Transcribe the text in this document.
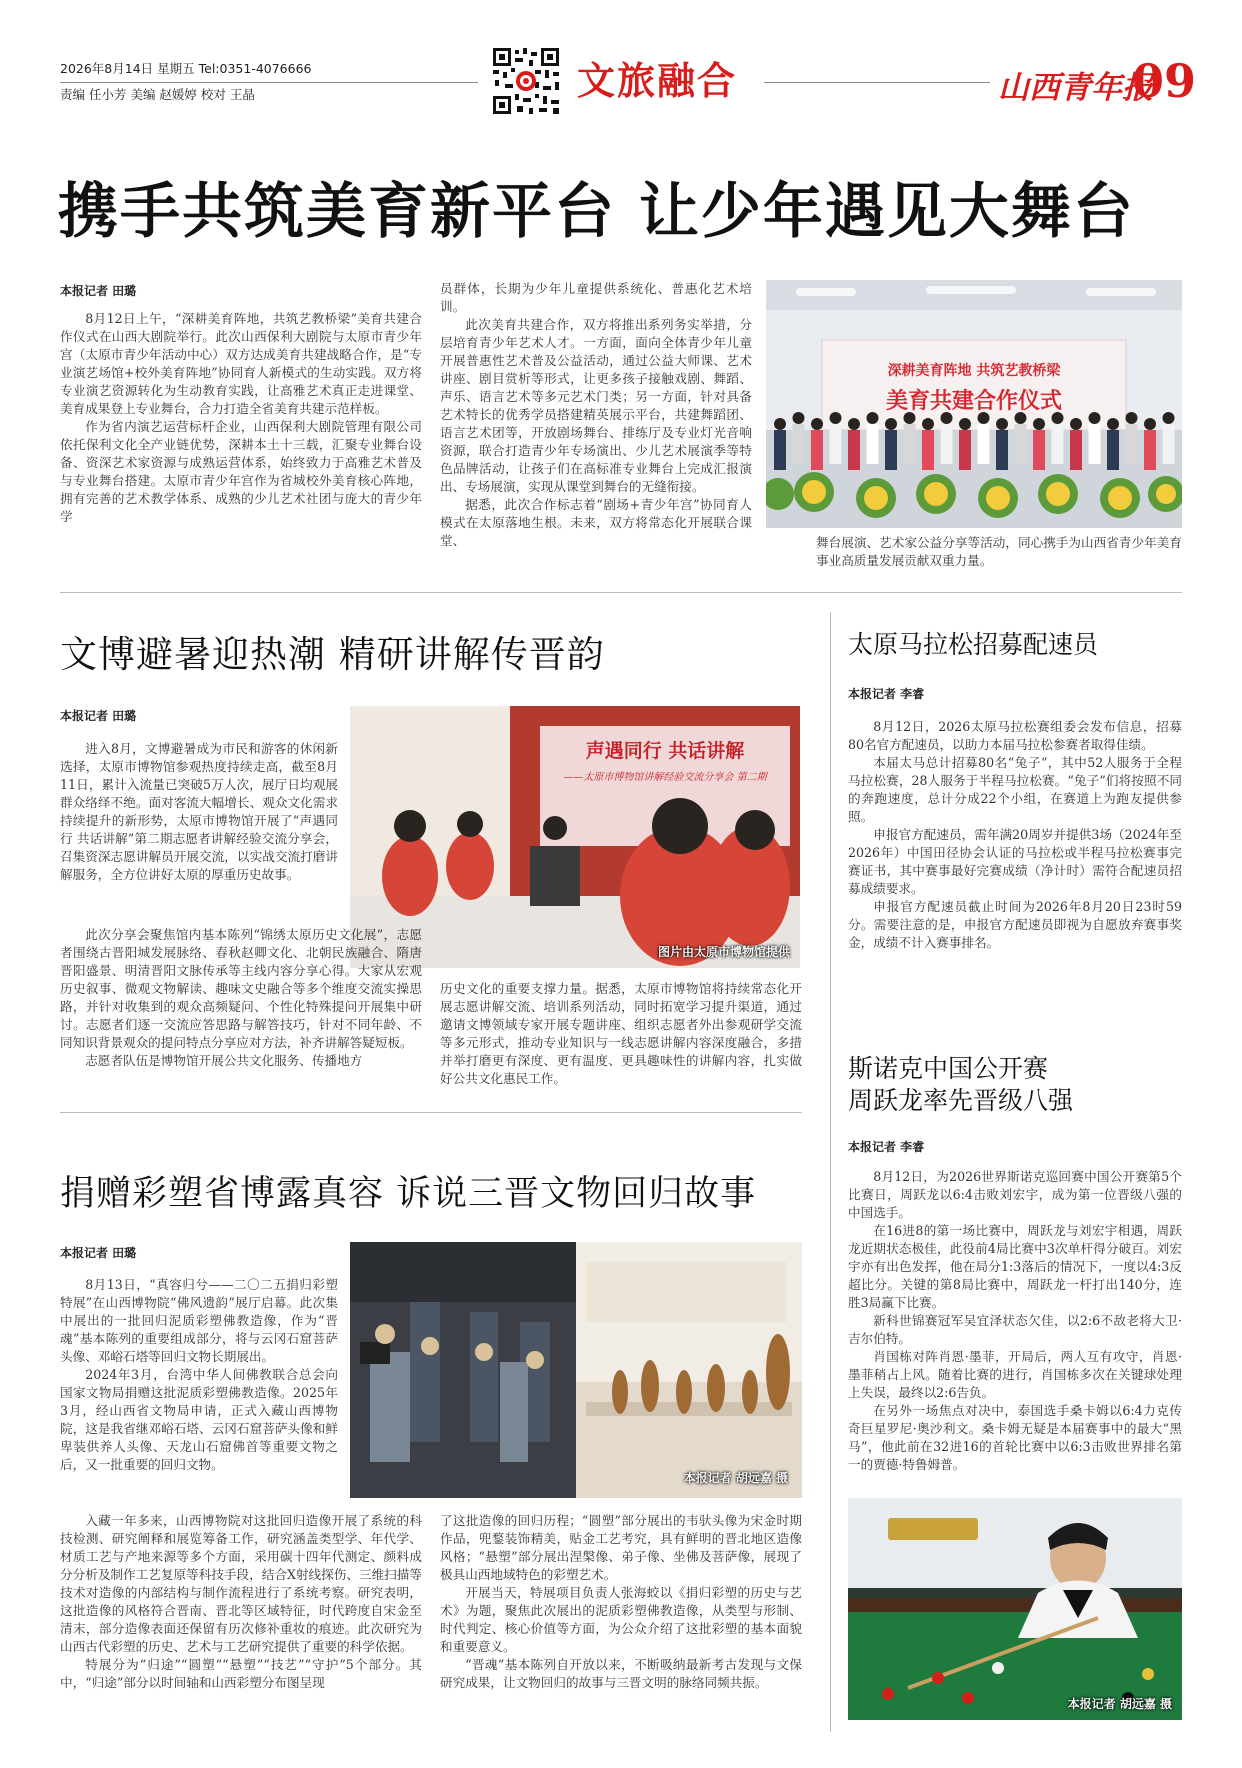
2026年8月14日 星期五 Tel:0351-4076666
责编 任小芳 美编 赵媛婷 校对 王晶	文旅融合	山西青年报
09
携手共筑美育新平台 让少年遇见大舞台
本报记者 田璐

8月12日上午，“深耕美育阵地，共筑艺教桥梁”美育共建合作仪式在山西大剧院举行。此次山西保利大剧院与太原市青少年宫（太原市青少年活动中心）双方达成美育共建战略合作，是“专业演艺场馆+校外美育阵地”协同育人新模式的生动实践。双方将专业演艺资源转化为生动教育实践，让高雅艺术真正走进课堂、美育成果登上专业舞台，合力打造全省美育共建示范样板。

作为省内演艺运营标杆企业，山西保利大剧院管理有限公司依托保利文化全产业链优势，深耕本土十三载，汇聚专业舞台设备、资深艺术家资源与成熟运营体系，始终致力于高雅艺术普及与专业舞台搭建。太原市青少年宫作为省城校外美育核心阵地，拥有完善的艺术教学体系、成熟的少儿艺术社团与庞大的青少年学

员群体，长期为少年儿童提供系统化、普惠化艺术培训。

此次美育共建合作，双方将推出系列务实举措，分层培育青少年艺术人才。一方面，面向全体青少年儿童开展普惠性艺术普及公益活动，通过公益大师课、艺术讲座、剧目赏析等形式，让更多孩子接触戏剧、舞蹈、声乐、语言艺术等多元艺术门类；另一方面，针对具备艺术特长的优秀学员搭建精英展示平台，共建舞蹈团、语言艺术团等，开放剧场舞台、排练厅及专业灯光音响资源，联合打造青少年专场演出、少儿艺术展演季等特色品牌活动，让孩子们在高标准专业舞台上完成汇报演出、专场展演，实现从课堂到舞台的无缝衔接。

据悉，此次合作标志着“剧场+青少年宫”协同育人模式在太原落地生根。未来，双方将常态化开展联合课堂、

深耕美育阵地 共筑艺教桥梁
美育共建合作仪式

舞台展演、艺术家公益分享等活动，同心携手为山西省青少年美育事业高质量发展贡献双重力量。

文博避暑迎热潮 精研讲解传晋韵
本报记者 田璐
声遇同行 共话讲解
——太原市博物馆讲解经验交流分享会 第二期
图片由太原市博物馆提供

进入8月，文博避暑成为市民和游客的休闲新选择，太原市博物馆参观热度持续走高，截至8月11日，累计入流量已突破5万人次，展厅日均观展群众络绎不绝。面对客流大幅增长、观众文化需求持续提升的新形势，太原市博物馆开展了“声遇同行 共话讲解”第二期志愿者讲解经验交流分享会，召集资深志愿讲解员开展交流，以实战交流打磨讲解服务，全方位讲好太原的厚重历史故事。

此次分享会聚焦馆内基本陈列“锦绣太原历史文化展”，志愿者围绕古晋阳城发展脉络、春秋赵卿文化、北朝民族融合、隋唐晋阳盛景、明清晋阳文脉传承等主线内容分享心得。大家从宏观历史叙事、微观文物解读、趣味文史融合等多个维度交流实操思路，并针对收集到的观众高频疑问、个性化特殊提问开展集中研讨。志愿者们逐一交流应答思路与解答技巧，针对不同年龄、不同知识背景观众的提问特点分享应对方法，补齐讲解答疑短板。

志愿者队伍是博物馆开展公共文化服务、传播地方

历史文化的重要支撑力量。据悉，太原市博物馆将持续常态化开展志愿讲解交流、培训系列活动，同时拓宽学习提升渠道，通过邀请文博领域专家开展专题讲座、组织志愿者外出参观研学交流等多元形式，推动专业知识与一线志愿讲解内容深度融合，多措并举打磨更有深度、更有温度、更具趣味性的讲解内容，扎实做好公共文化惠民工作。

捐赠彩塑省博露真容 诉说三晋文物回归故事
本报记者 田璐
本报记者 胡远嘉 摄

8月13日，“真容归兮——二〇二五捐归彩塑特展”在山西博物院“佛风遗韵”展厅启幕。此次集中展出的一批回归泥质彩塑佛教造像，作为“晋魂”基本陈列的重要组成部分，将与云冈石窟菩萨头像、邓峪石塔等回归文物长期展出。

2024年3月，台湾中华人间佛教联合总会向国家文物局捐赠这批泥质彩塑佛教造像。2025年3月，经山西省文物局申请，正式入藏山西博物院，这是我省继邓峪石塔、云冈石窟菩萨头像和鲜卑装供养人头像、天龙山石窟佛首等重要文物之后，又一批重要的回归文物。

入藏一年多来，山西博物院对这批回归造像开展了系统的科技检测、研究阐释和展览筹备工作，研究涵盖类型学、年代学、材质工艺与产地来源等多个方面，采用碳十四年代测定、颜料成分分析及制作工艺复原等科技手段，结合X射线探伤、三维扫描等技术对造像的内部结构与制作流程进行了系统考察。研究表明，这批造像的风格符合晋南、晋北等区域特征，时代跨度自宋金至清末，部分造像表面还保留有历次修补重妆的痕迹。此次研究为山西古代彩塑的历史、艺术与工艺研究提供了重要的科学依据。

特展分为“归途”“圆塑”“悬塑”“技艺”“守护”5个部分。其中，“归途”部分以时间轴和山西彩塑分布图呈现

了这批造像的回归历程；“圆塑”部分展出的韦驮头像为宋金时期作品，兜鍪装饰精美，贴金工艺考究，具有鲜明的晋北地区造像风格；“悬塑”部分展出涅槃像、弟子像、坐佛及菩萨像，展现了极具山西地域特色的彩塑艺术。

开展当天，特展项目负责人张海蛟以《捐归彩塑的历史与艺术》为题，聚焦此次展出的泥质彩塑佛教造像，从类型与形制、时代判定、核心价值等方面，为公众介绍了这批彩塑的基本面貌和重要意义。

“晋魂”基本陈列自开放以来，不断吸纳最新考古发现与文保研究成果，让文物回归的故事与三晋文明的脉络同频共振。

太原马拉松招募配速员
本报记者 李睿

8月12日，2026太原马拉松赛组委会发布信息，招募80名官方配速员，以助力本届马拉松参赛者取得佳绩。

本届太马总计招募80名“兔子”，其中52人服务于全程马拉松赛，28人服务于半程马拉松赛。“兔子”们将按照不同的奔跑速度，总计分成22个小组，在赛道上为跑友提供参照。

申报官方配速员，需年满20周岁并提供3场（2024年至2026年）中国田径协会认证的马拉松或半程马拉松赛事完赛证书，其中赛事最好完赛成绩（净计时）需符合配速员招募成绩要求。

申报官方配速员截止时间为2026年8月20日23时59分。需要注意的是，申报官方配速员即视为自愿放弃赛事奖金，成绩不计入赛事排名。

斯诺克中国公开赛
周跃龙率先晋级八强
本报记者 李睿

8月12日，为2026世界斯诺克巡回赛中国公开赛第5个比赛日，周跃龙以6:4击败刘宏宇，成为第一位晋级八强的中国选手。

在16进8的第一场比赛中，周跃龙与刘宏宇相遇，周跃龙近期状态极佳，此役前4局比赛中3次单杆得分破百。刘宏宇亦有出色发挥，他在局分1:3落后的情况下，一度以4:3反超比分。关键的第8局比赛中，周跃龙一杆打出140分，连胜3局赢下比赛。

新科世锦赛冠军吴宜泽状态欠佳，以2:6不敌老将大卫·吉尔伯特。

肖国栋对阵肖恩·墨菲，开局后，两人互有攻守，肖恩·墨菲稍占上风。随着比赛的进行，肖国栋多次在关键球处理上失误，最终以2:6告负。

在另外一场焦点对决中，泰国选手桑卡姆以6:4力克传奇巨星罗尼·奥沙利文。桑卡姆无疑是本届赛事中的最大“黑马”，他此前在32进16的首轮比赛中以6:3击败世界排名第一的贾德·特鲁姆普。

本报记者 胡远嘉 摄
